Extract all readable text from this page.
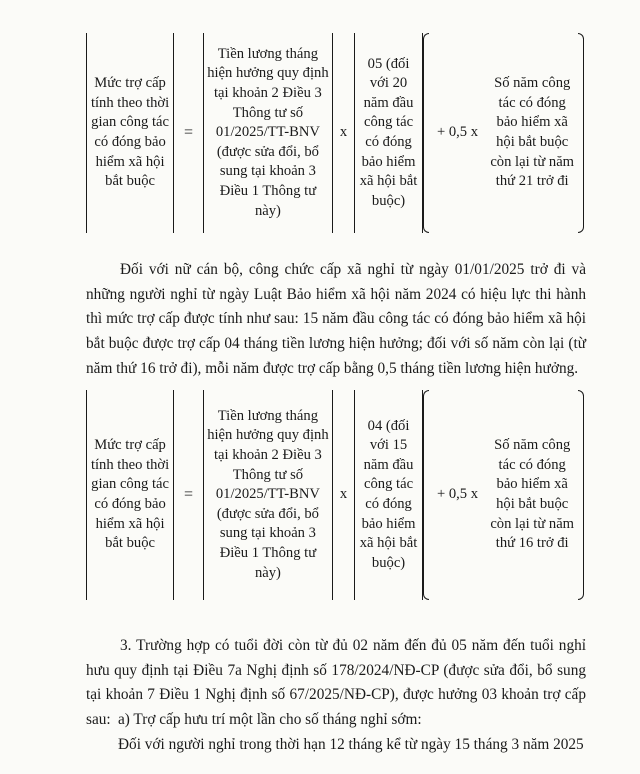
Mức trợ cấp tính theo thời gian công tác có đóng bảo hiểm xã hội bắt buộc
=
Tiền lương tháng hiện hưởng quy định tại khoản 2 Điều 3 Thông tư số 01/2025/TT-BNV (được sửa đổi, bổ sung tại khoản 3 Điều 1 Thông tư này)
x
05 (đối với 20 năm đầu công tác có đóng bảo hiểm xã hội bắt buộc)
+ 0,5 x
Số năm công tác có đóng bảo hiểm xã hội bắt buộc còn lại từ năm thứ 21 trở đi

Đối với nữ cán bộ, công chức cấp xã nghỉ từ ngày 01/01/2025 trở đi và những người nghỉ từ ngày Luật Bảo hiểm xã hội năm 2024 có hiệu lực thi hành thì mức trợ cấp được tính như sau: 15 năm đầu công tác có đóng bảo hiểm xã hội bắt buộc được trợ cấp 04 tháng tiền lương hiện hưởng; đối với số năm còn lại (từ năm thứ 16 trở đi), mỗi năm được trợ cấp bằng 0,5 tháng tiền lương hiện hưởng.

Mức trợ cấp tính theo thời gian công tác có đóng bảo hiểm xã hội bắt buộc
=
Tiền lương tháng hiện hưởng quy định tại khoản 2 Điều 3 Thông tư số 01/2025/TT-BNV (được sửa đổi, bổ sung tại khoản 3 Điều 1 Thông tư này)
x
04 (đối với 15 năm đầu công tác có đóng bảo hiểm xã hội bắt buộc)
+ 0,5 x
Số năm công tác có đóng bảo hiểm xã hội bắt buộc còn lại từ năm thứ 16 trở đi

3. Trường hợp có tuổi đời còn từ đủ 02 năm đến đủ 05 năm đến tuổi nghỉ hưu quy định tại Điều 7a Nghị định số 178/2024/NĐ-CP (được sửa đổi, bổ sung tại khoản 7 Điều 1 Nghị định số 67/2025/NĐ-CP), được hưởng 03 khoản trợ cấp sau: a) Trợ cấp hưu trí một lần cho số tháng nghỉ sớm:

Đối với người nghỉ trong thời hạn 12 tháng kể từ ngày 15 tháng 3 năm 2025
